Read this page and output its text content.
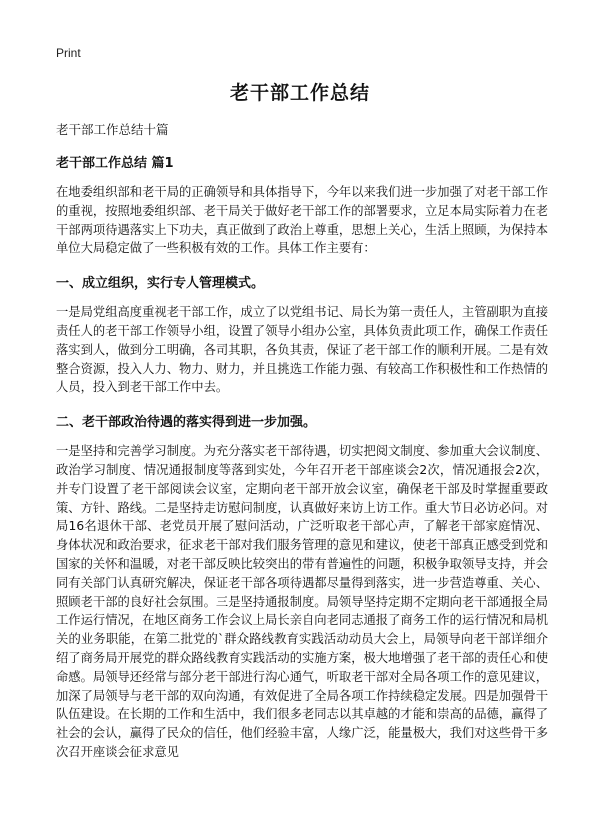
Print
老干部工作总结
老干部工作总结十篇
老干部工作总结 篇1

在地委组织部和老干局的正确领导和具体指导下，今年以来我们进一步加强了对老干部工作的重视，按照地委组织部、老干局关于做好老干部工作的部署要求，立足本局实际着力在老干部两项待遇落实上下功夫，真正做到了政治上尊重，思想上关心，生活上照顾，为保持本单位大局稳定做了一些积极有效的工作。具体工作主要有：

一、成立组织，实行专人管理模式。

一是局党组高度重视老干部工作，成立了以党组书记、局长为第一责任人，主管副职为直接责任人的老干部工作领导小组，设置了领导小组办公室，具体负责此项工作，确保工作责任落实到人，做到分工明确，各司其职，各负其责，保证了老干部工作的顺利开展。二是有效整合资源，投入人力、物力、财力，并且挑选工作能力强、有较高工作积极性和工作热情的人员，投入到老干部工作中去。

二、老干部政治待遇的落实得到进一步加强。

一是坚持和完善学习制度。为充分落实老干部待遇，切实把阅文制度、参加重大会议制度、政治学习制度、情况通报制度等落到实处，今年召开老干部座谈会2次，情况通报会2次，并专门设置了老干部阅读会议室，定期向老干部开放会议室，确保老干部及时掌握重要政策、方针、路线。二是坚持走访慰问制度，认真做好来访上访工作。重大节日必访必问。对局16名退休干部、老党员开展了慰问活动，广泛听取老干部心声，了解老干部家庭情况、身体状况和政治要求，征求老干部对我们服务管理的意见和建议，使老干部真正感受到党和国家的关怀和温暖，对老干部反映比较突出的带有普遍性的问题，积极争取领导支持，并会同有关部门认真研究解决，保证老干部各项待遇都尽量得到落实，进一步营造尊重、关心、照顾老干部的良好社会氛围。三是坚持通报制度。局领导坚持定期不定期向老干部通报全局工作运行情况，在地区商务工作会议上局长亲自向老同志通报了商务工作的运行情况和局机关的业务职能，在第二批党的`群众路线教育实践活动动员大会上，局领导向老干部详细介绍了商务局开展党的群众路线教育实践活动的实施方案，极大地增强了老干部的责任心和使命感。局领导还经常与部分老干部进行沟心通气，听取老干部对全局各项工作的意见建议，加深了局领导与老干部的双向沟通，有效促进了全局各项工作持续稳定发展。四是加强骨干队伍建设。在长期的工作和生活中，我们很多老同志以其卓越的才能和崇高的品德，赢得了社会的会认，赢得了民众的信任，他们经验丰富，人缘广泛，能量极大，我们对这些骨干多次召开座谈会征求意见
